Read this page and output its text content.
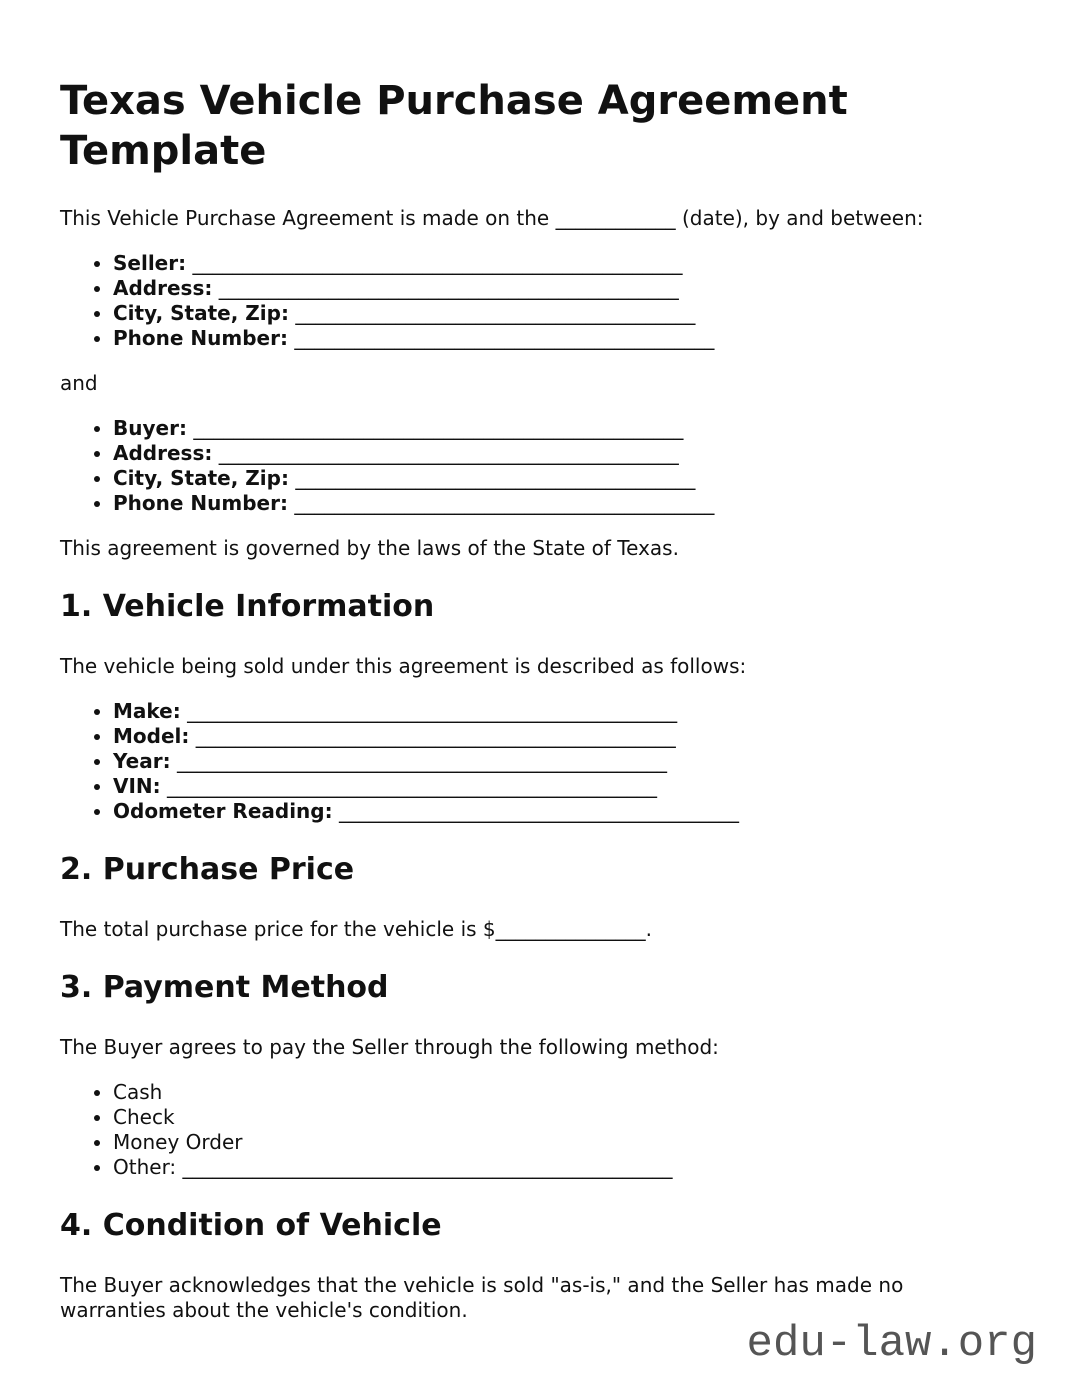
Texas Vehicle Purchase Agreement Template

This Vehicle Purchase Agreement is made on the ____________ (date), by and between:

• Seller: _________________________________________________
• Address: ______________________________________________
• City, State, Zip: ________________________________________
• Phone Number: __________________________________________

and

• Buyer: _________________________________________________
• Address: ______________________________________________
• City, State, Zip: ________________________________________
• Phone Number: __________________________________________

This agreement is governed by the laws of the State of Texas.

1. Vehicle Information

The vehicle being sold under this agreement is described as follows:

• Make: _________________________________________________
• Model: ________________________________________________
• Year: _________________________________________________
• VIN: _________________________________________________
• Odometer Reading: ________________________________________
2. Purchase Price

The total purchase price for the vehicle is $_______________.

3. Payment Method

The Buyer agrees to pay the Seller through the following method:

• Cash
• Check
• Money Order
• Other: _________________________________________________
4. Condition of Vehicle

The Buyer acknowledges that the vehicle is sold "as-is," and the Seller has made no warranties about the vehicle's condition.

edu-law.org
